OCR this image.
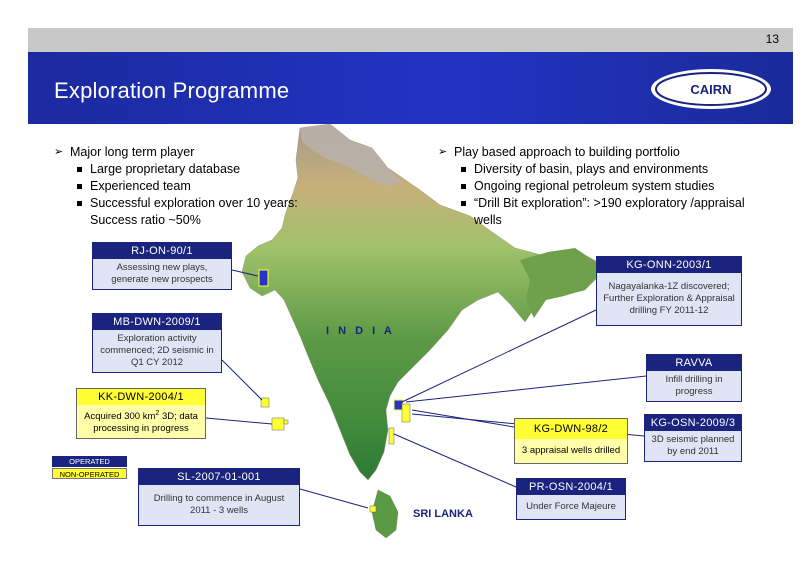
13
Exploration Programme	CAIRN
I N D I A
SRI LANKA
➢ Major long term player
Large proprietary database
Experienced team
Successful exploration over 10 years: Success ratio ~50%
➢ Play based approach to building portfolio
Diversity of basin, plays and environments
Ongoing regional petroleum system studies
“Drill Bit exploration”: >190 exploratory /appraisal wells
RJ-ON-90/1
Assessing new plays, generate new prospects
MB-DWN-2009/1
Exploration activity commenced; 2D seismic in Q1 CY 2012
KK-DWN-2004/1
Acquired 300 $km^2$ 3D; data processing in progress
SL-2007-01-001
Drilling to commence in August 2011 - 3 wells
KG-ONN-2003/1
Nagayalanka-1Z discovered; Further Exploration & Appraisal drilling FY 2011-12
RAVVA
Infill drilling in progress
KG-DWN-98/2
3 appraisal wells drilled
KG-OSN-2009/3
3D seismic planned by end 2011
PR-OSN-2004/1
Under Force Majeure
OPERATED
NON-OPERATED
